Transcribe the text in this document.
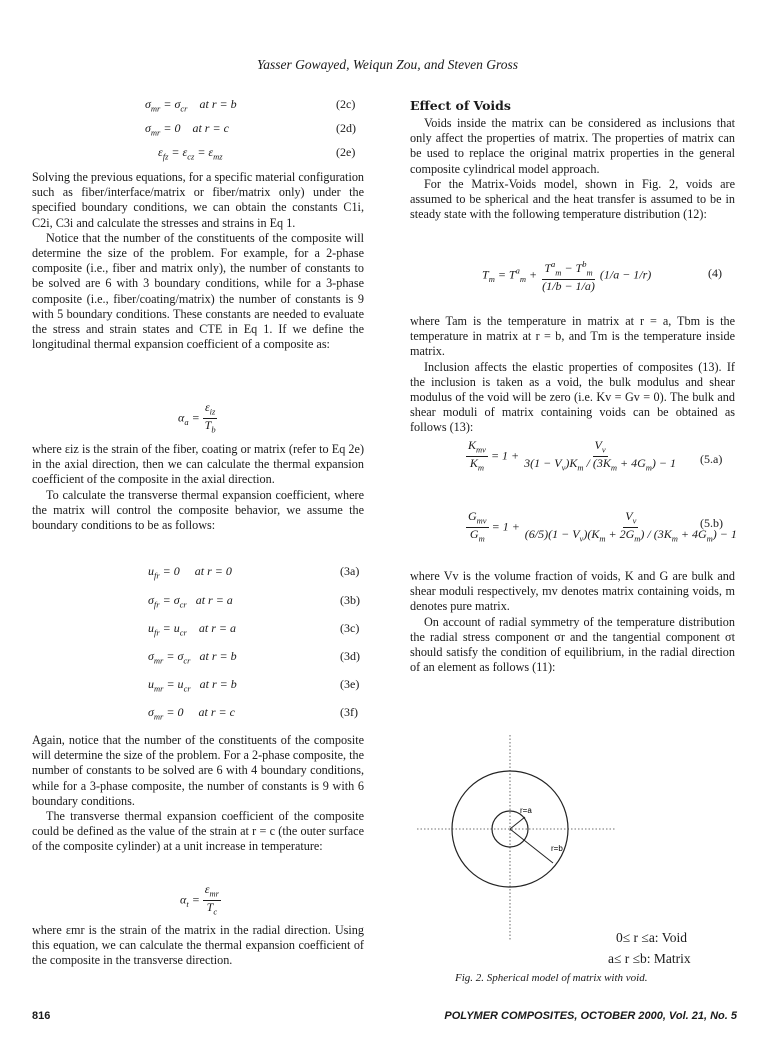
Yasser Gowayed, Weiqun Zou, and Steven Gross
$\sigma_{mr} = \sigma_{cr}$    at r = b	(2c)
$\sigma_{mr} = 0$    at r = c	(2d)
$\varepsilon_{fz} = \varepsilon_{cz} = \varepsilon_{mz}$	(2e)

Solving the previous equations, for a specific material configuration such as fiber/interface/matrix or fiber/matrix only) under the specified boundary conditions, we can obtain the constants C1i, C2i, C3i and calculate the stresses and strains in Eq 1.

Notice that the number of the constituents of the composite will determine the size of the problem. For example, for a 2-phase composite (i.e., fiber and matrix only), the number of constants to be solved are 6 with 3 boundary conditions, while for a 3-phase composite (i.e., fiber/coating/matrix) the number of constants is 9 with 5 boundary conditions. These constants are needed to evaluate the stress and strain states and CTE in Eq 1. If we define the longitudinal thermal expansion coefficient of a composite as:

$\alpha_a = \frac{\varepsilon_{iz}}{T_b}$

where εiz is the strain of the fiber, coating or matrix (refer to Eq 2e) in the axial direction, then we can calculate the thermal expansion coefficient of the composite in the axial direction.

To calculate the transverse thermal expansion coefficient, where the matrix will control the composite behavior, we assume the boundary conditions to be as follows:

$u_{fr} = 0$     at r = 0	(3a)
$\sigma_{fr} = \sigma_{cr}$ at r = a	(3b)
$u_{fr} = u_{cr}$ at r = a	(3c)
$\sigma_{mr} = \sigma_{cr}$ at r = b	(3d)
$u_{mr} = u_{cr}$ at r = b	(3e)
$\sigma_{mr} = 0$     at r = c	(3f)

Again, notice that the number of the constituents of the composite will determine the size of the problem. For a 2-phase composite, the number of constants to be solved are 6 with 4 boundary conditions, while for a 3-phase composite, the number of constants is 9 with 6 boundary conditions.

The transverse thermal expansion coefficient of the composite could be defined as the value of the strain at r = c (the outer surface of the composite cylinder) at a unit increase in temperature:

$\alpha_t = \frac{\varepsilon_{mr}}{T_c}$

where εmr is the strain of the matrix in the radial direction. Using this equation, we can calculate the thermal expansion coefficient of the composite in the transverse direction.

Effect of Voids

Voids inside the matrix can be considered as inclusions that only affect the properties of matrix. The properties of matrix can be used to replace the original matrix properties in the general composite cylindrical model approach.

For the Matrix-Voids model, shown in Fig. 2, voids are assumed to be spherical and the heat transfer is assumed to be in steady state with the following temperature distribution (12):

$T_m = T^a_m + \frac{T^a_m - T^b_m}{(1/b - 1/a)} (1/a - 1/r)$	(4)

where Tam is the temperature in matrix at r = a, Tbm is the temperature in matrix at r = b, and Tm is the temperature inside matrix.

Inclusion affects the elastic properties of composites (13). If the inclusion is taken as a void, the bulk modulus and shear modulus of the void will be zero (i.e. Kv = Gv = 0). The bulk and shear moduli of matrix containing voids can be obtained as follows (13):

$\frac{K_{mv}}{K_m} = 1 + \frac{V_v}{3(1 - V_v)K_m / (3K_m + 4G_m) - 1} (5.a)$
$\frac{G_{mv}}{G_m} = 1 + \frac{V_v}{(6/5)(1 - V_v)(K_m + 2G_m) / (3K_m + 4G_m) - 1}$
(5.b)

where Vv is the volume fraction of voids, K and G are bulk and shear moduli respectively, mv denotes matrix containing voids, m denotes pure matrix.

On account of radial symmetry of the temperature distribution the radial stress component σr and the tangential component σt should satisfy the condition of equilibrium, in the radial direction of an element as follows (11):

r=a
r=b
0≤ r ≤a: Void
a≤ r ≤b: Matrix
Fig. 2. Spherical model of matrix with void.
816	POLYMER COMPOSITES, OCTOBER 2000, Vol. 21, No. 5
